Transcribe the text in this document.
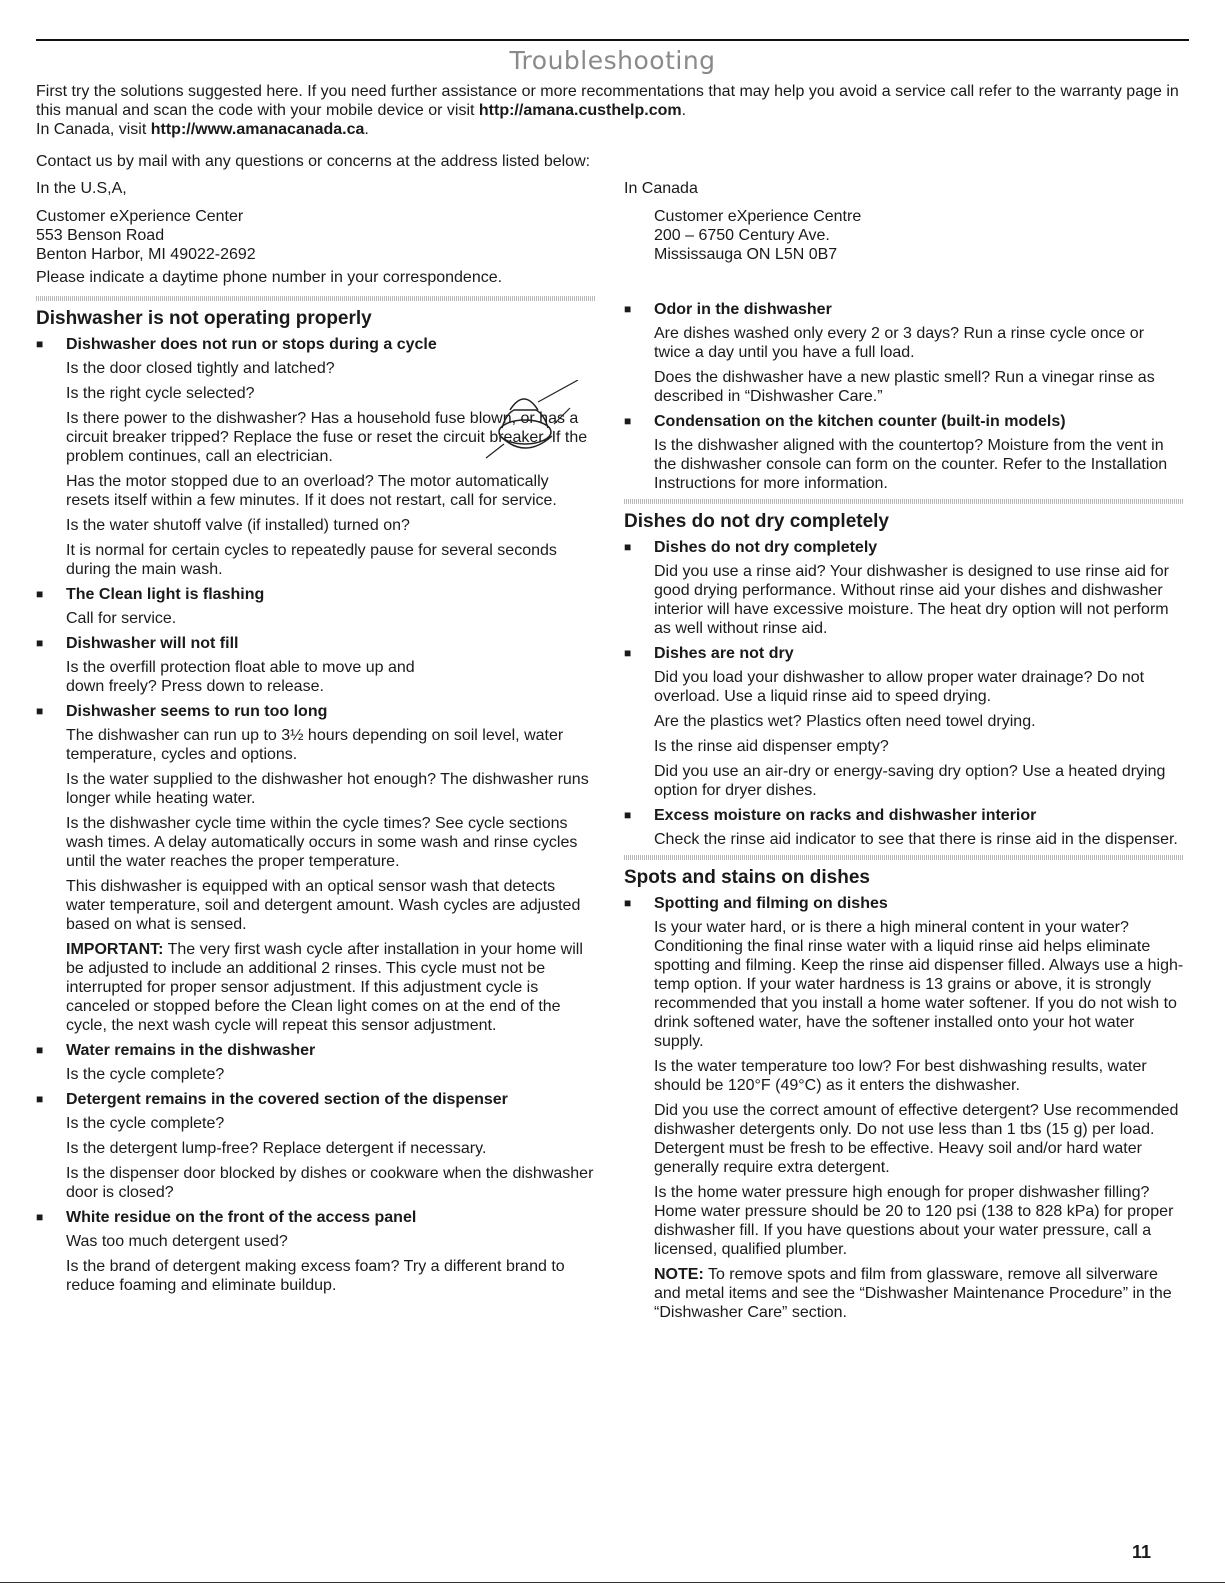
Troubleshooting

First try the solutions suggested here. If you need further assistance or more recommentations that may help you avoid a service call refer to the warranty page in this manual and scan the code with your mobile device or visit http://amana.custhelp.com.

In Canada, visit http://www.amanacanada.ca.

Contact us by mail with any questions or concerns at the address listed below:
In the U.S,A,
Customer eXperience Center
553 Benson Road
Benton Harbor, MI 49022-2692
Please indicate a daytime phone number in your correspondence.
In Canada
Customer eXperience Centre
200 – 6750 Century Ave.
Mississauga ON L5N 0B7
Dishwasher is not operating properly
■ Dishwasher does not run or stops during a cycle

Is the door closed tightly and latched?

Is the right cycle selected?

Is there power to the dishwasher? Has a household fuse blown, or has a circuit breaker tripped? Replace the fuse or reset the circuit breaker. If the problem continues, call an electrician.

Has the motor stopped due to an overload? The motor automatically resets itself within a few minutes. If it does not restart, call for service.

Is the water shutoff valve (if installed) turned on?

It is normal for certain cycles to repeatedly pause for several seconds during the main wash.

■ The Clean light is flashing

Call for service.

■ Dishwasher will not fill

Is the overfill protection float able to move up and down freely? Press down to release.

■ Dishwasher seems to run too long

The dishwasher can run up to 3½ hours depending on soil level, water temperature, cycles and options.

Is the water supplied to the dishwasher hot enough? The dishwasher runs longer while heating water.

Is the dishwasher cycle time within the cycle times? See cycle sections wash times. A delay automatically occurs in some wash and rinse cycles until the water reaches the proper temperature.

This dishwasher is equipped with an optical sensor wash that detects water temperature, soil and detergent amount. Wash cycles are adjusted based on what is sensed.

IMPORTANT: The very first wash cycle after installation in your home will be adjusted to include an additional 2 rinses. This cycle must not be interrupted for proper sensor adjustment. If this adjustment cycle is canceled or stopped before the Clean light comes on at the end of the cycle, the next wash cycle will repeat this sensor adjustment.

■ Water remains in the dishwasher

Is the cycle complete?

■ Detergent remains in the covered section of the dispenser

Is the cycle complete?

Is the detergent lump-free? Replace detergent if necessary.

Is the dispenser door blocked by dishes or cookware when the dishwasher door is closed?

■ White residue on the front of the access panel

Was too much detergent used?

Is the brand of detergent making excess foam? Try a different brand to reduce foaming and eliminate buildup.

■ Odor in the dishwasher

Are dishes washed only every 2 or 3 days? Run a rinse cycle once or twice a day until you have a full load.

Does the dishwasher have a new plastic smell? Run a vinegar rinse as described in “Dishwasher Care.”

■ Condensation on the kitchen counter (built-in models)

Is the dishwasher aligned with the countertop? Moisture from the vent in the dishwasher console can form on the counter. Refer to the Installation Instructions for more information.

Dishes do not dry completely
■ Dishes do not dry completely

Did you use a rinse aid? Your dishwasher is designed to use rinse aid for good drying performance. Without rinse aid your dishes and dishwasher interior will have excessive moisture. The heat dry option will not perform as well without rinse aid.

■ Dishes are not dry

Did you load your dishwasher to allow proper water drainage? Do not overload. Use a liquid rinse aid to speed drying.

Are the plastics wet? Plastics often need towel drying.

Is the rinse aid dispenser empty?

Did you use an air-dry or energy-saving dry option? Use a heated drying option for dryer dishes.

■ Excess moisture on racks and dishwasher interior

Check the rinse aid indicator to see that there is rinse aid in the dispenser.

Spots and stains on dishes
■ Spotting and filming on dishes

Is your water hard, or is there a high mineral content in your water? Conditioning the final rinse water with a liquid rinse aid helps eliminate spotting and filming. Keep the rinse aid dispenser filled. Always use a high-temp option. If your water hardness is 13 grains or above, it is strongly recommended that you install a home water softener. If you do not wish to drink softened water, have the softener installed onto your hot water supply.

Is the water temperature too low? For best dishwashing results, water should be 120°F (49°C) as it enters the dishwasher.

Did you use the correct amount of effective detergent? Use recommended dishwasher detergents only. Do not use less than 1 tbs (15 g) per load. Detergent must be fresh to be effective. Heavy soil and/or hard water generally require extra detergent.

Is the home water pressure high enough for proper dishwasher filling? Home water pressure should be 20 to 120 psi (138 to 828 kPa) for proper dishwasher fill. If you have questions about your water pressure, call a licensed, qualified plumber.

NOTE: To remove spots and film from glassware, remove all silverware and metal items and see the “Dishwasher Maintenance Procedure” in the “Dishwasher Care” section.

11
